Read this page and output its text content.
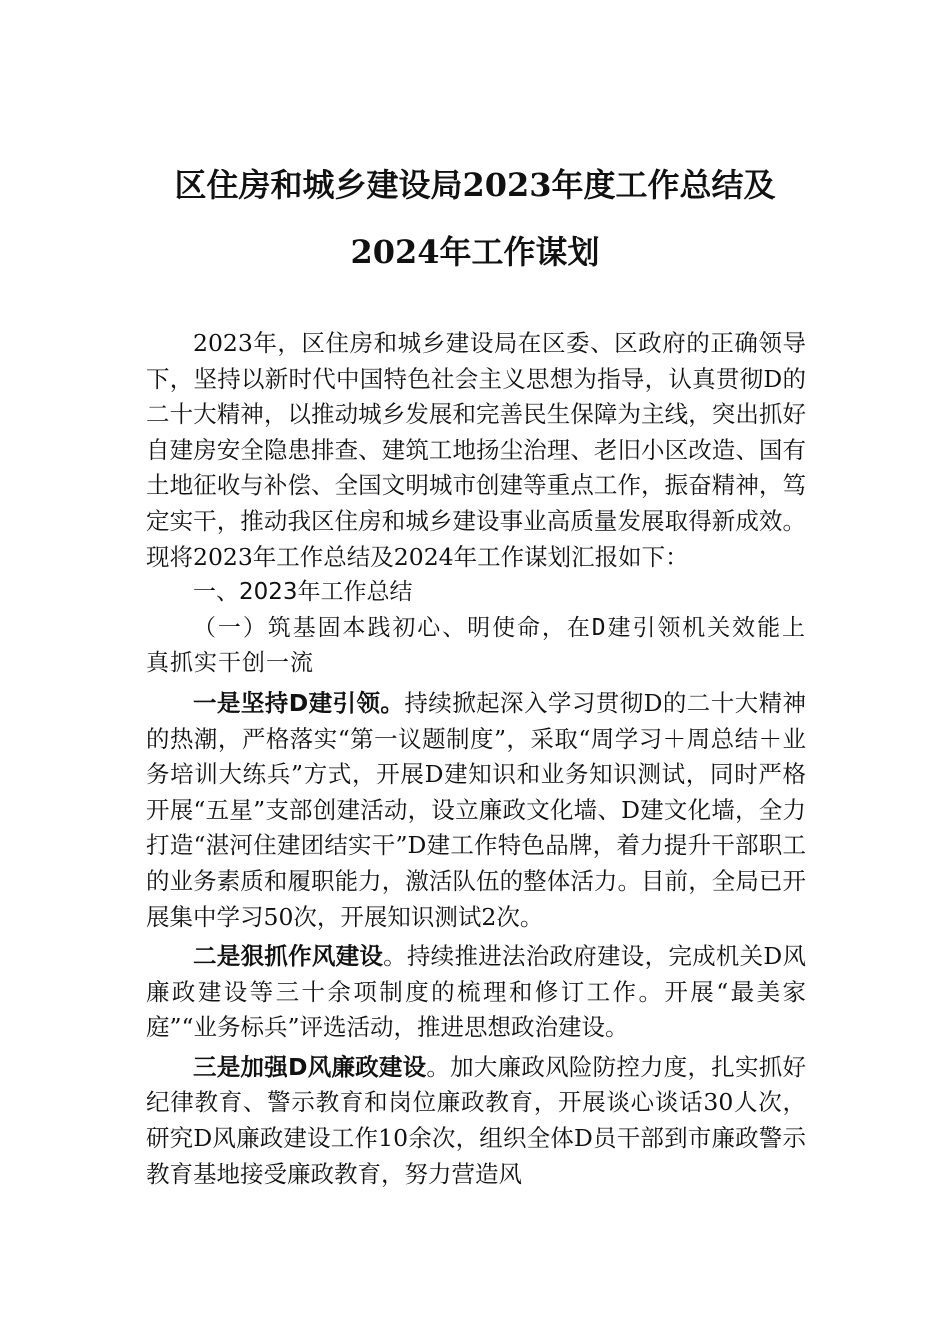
区住房和城乡建设局2023年度工作总结及
2024年工作谋划

2023年，区住房和城乡建设局在区委、区政府的正确领导下，坚持以新时代中国特色社会主义思想为指导，认真贯彻D的二十大精神，以推动城乡发展和完善民生保障为主线，突出抓好自建房安全隐患排查、建筑工地扬尘治理、老旧小区改造、国有土地征收与补偿、全国文明城市创建等重点工作，振奋精神，笃定实干，推动我区住房和城乡建设事业高质量发展取得新成效。现将2023年工作总结及2024年工作谋划汇报如下：

一、2023年工作总结

（一）筑基固本践初心、明使命，在D建引领机关效能上真抓实干创一流

一是坚持D建引领。持续掀起深入学习贯彻D的二十大精神的热潮，严格落实“第一议题制度”，采取“周学习＋周总结＋业务培训大练兵”方式，开展D建知识和业务知识测试，同时严格开展“五星”支部创建活动，设立廉政文化墙、D建文化墙，全力打造“湛河住建团结实干”D建工作特色品牌，着力提升干部职工的业务素质和履职能力，激活队伍的整体活力。目前，全局已开展集中学习50次，开展知识测试2次。

二是狠抓作风建设。持续推进法治政府建设，完成机关D风廉政建设等三十余项制度的梳理和修订工作。开展“最美家庭”“业务标兵”评选活动，推进思想政治建设。

三是加强D风廉政建设。加大廉政风险防控力度，扎实抓好纪律教育、警示教育和岗位廉政教育，开展谈心谈话30人次，研究D风廉政建设工作10余次，组织全体D员干部到市廉政警示教育基地接受廉政教育，努力营造风
